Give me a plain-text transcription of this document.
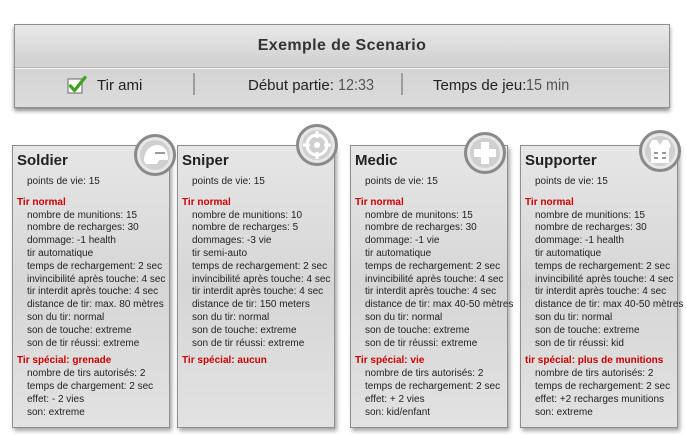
Exemple de Scenario
Tir ami	Début partie: 12:33	Temps de jeu:15 min
Soldier
points de vie: 15
Tir normal
nombre de munitions: 15
nombre de recharges: 30
dommage: -1 health
tir automatique
temps de rechargement: 2 sec
invincibilité après touche: 4 sec
tir interdit après touche: 4 sec
distance de tir: max. 80 mètres
son du tir: normal
son de touche: extreme
son de tir réussi: extreme
Tir spécial: grenade
nombre de tirs autorisés: 2
temps de chargement: 2 sec
effet: - 2 vies
son: extreme
Sniper
points de vie: 15
Tir normal
nombre de munitions: 10
nombre de recharges: 5
dommages: -3 vie
tir semi-auto
temps de rechargement: 2 sec
invincibilité après touche: 4 sec
tir interdit après touche: 4 sec
distance de tir: 150 meters
son du tir: normal
son de touche: extreme
son de tir réussi: extreme
Tir spécial: aucun
Medic
points de vie: 15
Tir normal
nombre de munitons: 15
nombre de recharges: 30
dommage: -1 vie
tir automatique
temps de rechargement: 2 sec
invincibilité après touche: 4 sec
tir interdit après touche: 4 sec
distance de tir: max 40-50 mètres
son du tir: normal
son de touche: extreme
son de tir réussi: extreme
Tir spécial: vie
nombre de tirs autorisés: 2
temps de rechargement: 2 sec
effet: + 2 vies
son: kid/enfant
Supporter
points de vie: 15
Tir normal
nombre de munitions: 15
nombre de recharges: 30
dommage: -1 health
tir automatique
temps de rechargement: 2 sec
invincibilité après touche: 4 sec
tir interdit après touche: 4 sec
distance de tir: max 40-50 mètres
son du tir: normal
son de touche: extreme
son de tir réussi: kid
tir spécial: plus de munitions
nombre de tirs autorisés: 2
temps de rechargement: 2 sec
effet: +2 recharges munitions
son: extreme
